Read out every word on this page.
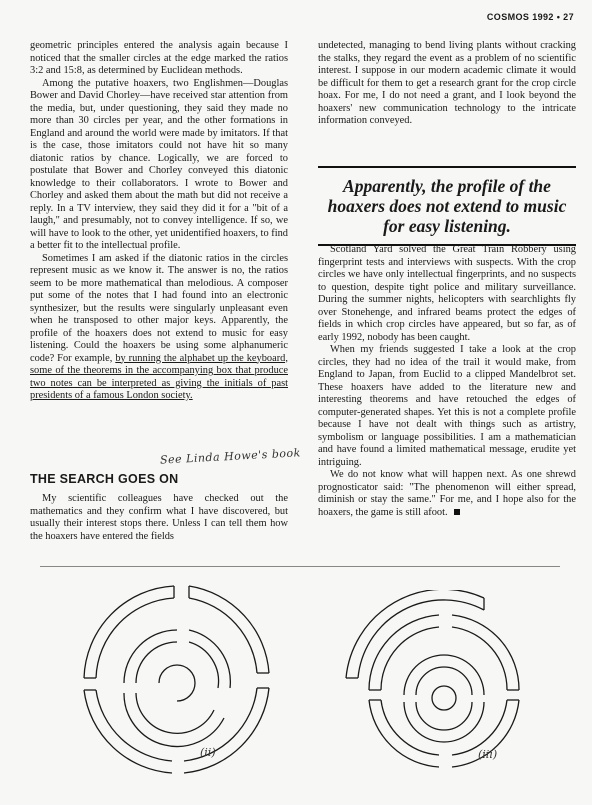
COSMOS 1992 • 27

geometric principles entered the analysis again because I noticed that the smaller circles at the edge marked the ratios 3:2 and 15:8, as determined by Euclidean methods.

Among the putative hoaxers, two Englishmen—Douglas Bower and David Chorley—have received star attention from the media, but, under questioning, they said they made no more than 30 circles per year, and the other formations in England and around the world were made by imitators. If that is the case, those imitators could not have hit so many diatonic ratios by chance. Logically, we are forced to postulate that Bower and Chorley conveyed this diatonic knowledge to their collaborators. I wrote to Bower and Chorley and asked them about the math but did not receive a reply. In a TV interview, they said they did it for a "bit of a laugh," and presumably, not to convey intelligence. If so, we will have to look to the other, yet unidentified hoaxers, to find a better fit to the intellectual profile.

Sometimes I am asked if the diatonic ratios in the circles represent music as we know it. The answer is no, the ratios seem to be more mathematical than melodious. A composer put some of the notes that I had found into an electronic synthesizer, but the results were singularly unpleasant even when he transposed to other major keys. Apparently, the profile of the hoaxers does not extend to music for easy listening. Could the hoaxers be using some alphanumeric code? For example, by running the alphabet up the keyboard, some of the theorems in the accompanying box that produce two notes can be interpreted as giving the initials of past presidents of a famous London society.

See Linda Howe's book
THE SEARCH GOES ON

My scientific colleagues have checked out the mathematics and they confirm what I have discovered, but usually their interest stops there. Unless I can tell them how the hoaxers have entered the fields

undetected, managing to bend living plants without cracking the stalks, they regard the event as a problem of no scientific interest. I suppose in our modern academic climate it would be difficult for them to get a research grant for the crop circle hoax. For me, I do not need a grant, and I look beyond the hoaxers' new communication technology to the intricate information conveyed.

Apparently, the profile of the hoaxers does not extend to music for easy listening.

Scotland Yard solved the Great Train Robbery using fingerprint tests and interviews with suspects. With the crop circles we have only intellectual fingerprints, and no suspects to question, despite tight police and military surveillance. During the summer nights, helicopters with searchlights fly over Stonehenge, and infrared beams protect the edges of fields in which crop circles have appeared, but so far, as of early 1992, nobody has been caught.

When my friends suggested I take a look at the crop circles, they had no idea of the trail it would make, from England to Japan, from Euclid to a clipped Mandelbrot set. These hoaxers have added to the literature new and interesting theorems and have retouched the edges of computer-generated shapes. Yet this is not a complete profile because I have not dealt with things such as artistry, symbolism or language possibilities. I am a mathematician and have found a limited mathematical message, erudite yet intriguing.

We do not know what will happen next. As one shrewd prognosticator said: "The phenomenon will either spread, diminish or stay the same." For me, and I hope also for the hoaxers, the game is still afoot.

(ii)	(iii)
